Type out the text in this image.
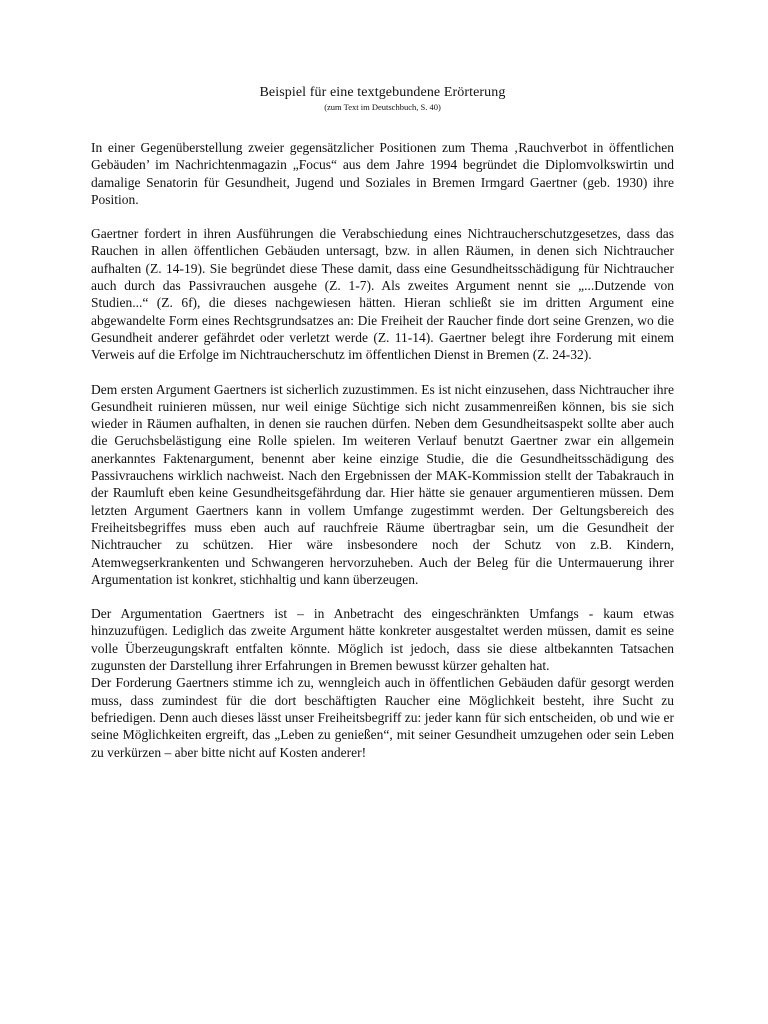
Beispiel für eine textgebundene Erörterung
(zum Text im Deutschbuch, S. 40)

In einer Gegenüberstellung zweier gegensätzlicher Positionen zum Thema ‚Rauchverbot in öffentlichen Gebäuden’ im Nachrichtenmagazin „Focus“ aus dem Jahre 1994 begründet die Diplomvolkswirtin und damalige Senatorin für Gesundheit, Jugend und Soziales in Bremen Irmgard Gaertner (geb. 1930) ihre Position.

Gaertner fordert in ihren Ausführungen die Verabschiedung eines Nichtraucherschutzgesetzes, dass das Rauchen in allen öffentlichen Gebäuden untersagt, bzw. in allen Räumen, in denen sich Nichtraucher aufhalten (Z. 14-19). Sie begründet diese These damit, dass eine Gesundheitsschädigung für Nichtraucher auch durch das Passivrauchen ausgehe (Z. 1-7). Als zweites Argument nennt sie „...Dutzende von Studien...“ (Z. 6f), die dieses nachgewiesen hätten. Hieran schließt sie im dritten Argument eine abgewandelte Form eines Rechtsgrundsatzes an: Die Freiheit der Raucher finde dort seine Grenzen, wo die Gesundheit anderer gefährdet oder verletzt werde (Z. 11-14). Gaertner belegt ihre Forderung mit einem Verweis auf die Erfolge im Nichtraucherschutz im öffentlichen Dienst in Bremen (Z. 24-32).

Dem ersten Argument Gaertners ist sicherlich zuzustimmen. Es ist nicht einzusehen, dass Nichtraucher ihre Gesundheit ruinieren müssen, nur weil einige Süchtige sich nicht zusammenreißen können, bis sie sich wieder in Räumen aufhalten, in denen sie rauchen dürfen. Neben dem Gesundheitsaspekt sollte aber auch die Geruchsbelästigung eine Rolle spielen. Im weiteren Verlauf benutzt Gaertner zwar ein allgemein anerkanntes Faktenargument, benennt aber keine einzige Studie, die die Gesundheitsschädigung des Passivrauchens wirklich nachweist. Nach den Ergebnissen der MAK-Kommission stellt der Tabakrauch in der Raumluft eben keine Gesundheitsgefährdung dar. Hier hätte sie genauer argumentieren müssen. Dem letzten Argument Gaertners kann in vollem Umfange zugestimmt werden. Der Geltungsbereich des Freiheitsbegriffes muss eben auch auf rauchfreie Räume übertragbar sein, um die Gesundheit der Nichtraucher zu schützen. Hier wäre insbesondere noch der Schutz von z.B. Kindern, Atemwegserkrankenten und Schwangeren hervorzuheben. Auch der Beleg für die Untermauerung ihrer Argumentation ist konkret, stichhaltig und kann überzeugen.

Der Argumentation Gaertners ist – in Anbetracht des eingeschränkten Umfangs - kaum etwas hinzuzufügen. Lediglich das zweite Argument hätte konkreter ausgestaltet werden müssen, damit es seine volle Überzeugungskraft entfalten könnte. Möglich ist jedoch, dass sie diese altbekannten Tatsachen zugunsten der Darstellung ihrer Erfahrungen in Bremen bewusst kürzer gehalten hat.

Der Forderung Gaertners stimme ich zu, wenngleich auch in öffentlichen Gebäuden dafür gesorgt werden muss, dass zumindest für die dort beschäftigten Raucher eine Möglichkeit besteht, ihre Sucht zu befriedigen. Denn auch dieses lässt unser Freiheitsbegriff zu: jeder kann für sich entscheiden, ob und wie er seine Möglichkeiten ergreift, das „Leben zu genießen“, mit seiner Gesundheit umzugehen oder sein Leben zu verkürzen – aber bitte nicht auf Kosten anderer!
